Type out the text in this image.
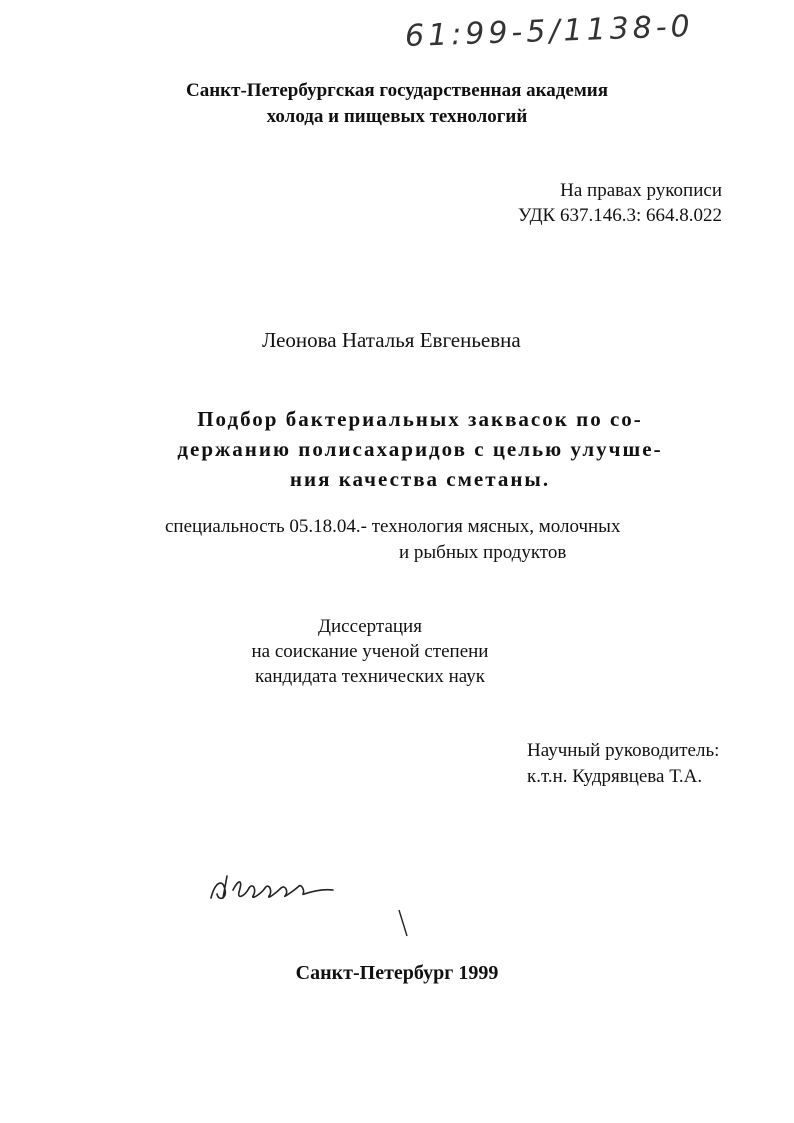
61:99-5/1138-0
Санкт-Петербургская государственная академия
холода и пищевых технологий
На правах рукописи
УДК 637.146.3: 664.8.022
Леонова Наталья Евгеньевна
Подбор бактериальных заквасок по со-
держанию полисахаридов с целью улучше-
ния качества сметаны.
специальность 05.18.04.- технология мясных, молочных
и рыбных продуктов
Диссертация
на соискание ученой степени
кандидата технических наук
Научный руководитель:
к.т.н. Кудрявцева Т.А.
Санкт-Петербург 1999
